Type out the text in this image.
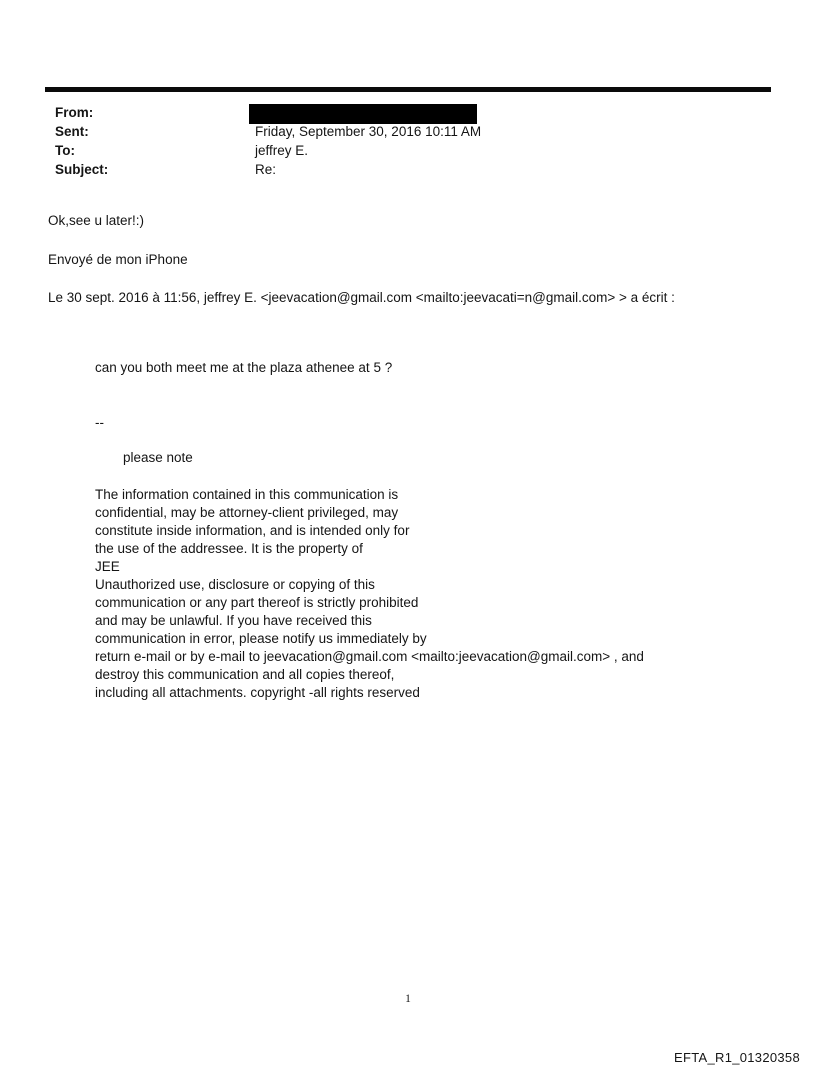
From:
Sent:	Friday, September 30, 2016 10:11 AM
To:	jeffrey E.
Subject:	Re:
Ok,see u later!:)
Envoyé de mon iPhone
Le 30 sept. 2016 à 11:56, jeffrey E. <jeevacation@gmail.com <mailto:jeevacati=n@gmail.com> > a écrit :
can you both meet me at the plaza athenee at 5 ?
--
please note
The information contained in this communication is
confidential, may be attorney-client privileged, may
constitute inside information, and is intended only for
the use of the addressee. It is the property of
JEE
Unauthorized use, disclosure or copying of this
communication or any part thereof is strictly prohibited
and may be unlawful. If you have received this
communication in error, please notify us immediately by
return e-mail or by e-mail to jeevacation@gmail.com <mailto:jeevacation@gmail.com> , and
destroy this communication and all copies thereof,
including all attachments. copyright -all rights reserved
1
EFTA_R1_01320358
